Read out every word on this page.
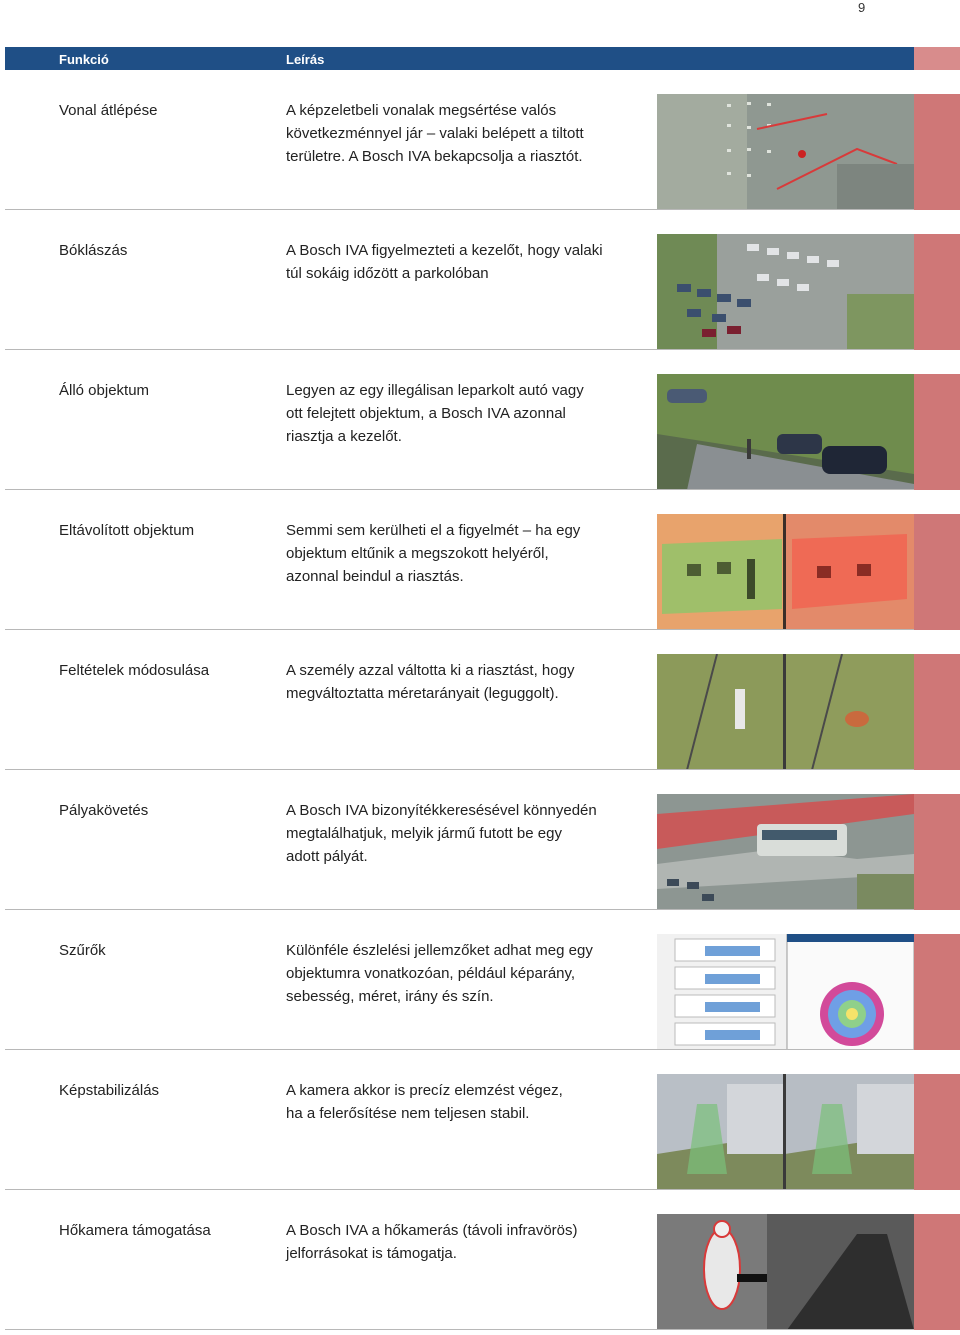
9
Funkció	Leírás
Vonal átlépése	A képzeletbeli vonalak megsértése valós
következménnyel jár – valaki belépett a tiltott
területre. A Bosch IVA bekapcsolja a riasztót.
Bóklászás	A Bosch IVA figyelmezteti a kezelőt, hogy valaki
túl sokáig időzött a parkolóban
Álló objektum	Legyen az egy illegálisan leparkolt autó vagy
ott felejtett objektum, a Bosch IVA azonnal
riasztja a kezelőt.
Eltávolított objektum	Semmi sem kerülheti el a figyelmét – ha egy
objektum eltűnik a megszokott helyéről,
azonnal beindul a riasztás.
Feltételek módosulása	A személy azzal váltotta ki a riasztást, hogy
megváltoztatta méretarányait (leguggolt).
Pályakövetés	A Bosch IVA bizonyítékkeresésével könnyedén
megtalálhatjuk, melyik jármű futott be egy
adott pályát.
Szűrők	Különféle észlelési jellemzőket adhat meg egy
objektumra vonatkozóan, például képarány,
sebesség, méret, irány és szín.
Képstabilizálás	A kamera akkor is precíz elemzést végez,
ha a felerősítése nem teljesen stabil.
Hőkamera támogatása	A Bosch IVA a hőkamerás (távoli infravörös)
jelforrásokat is támogatja.
